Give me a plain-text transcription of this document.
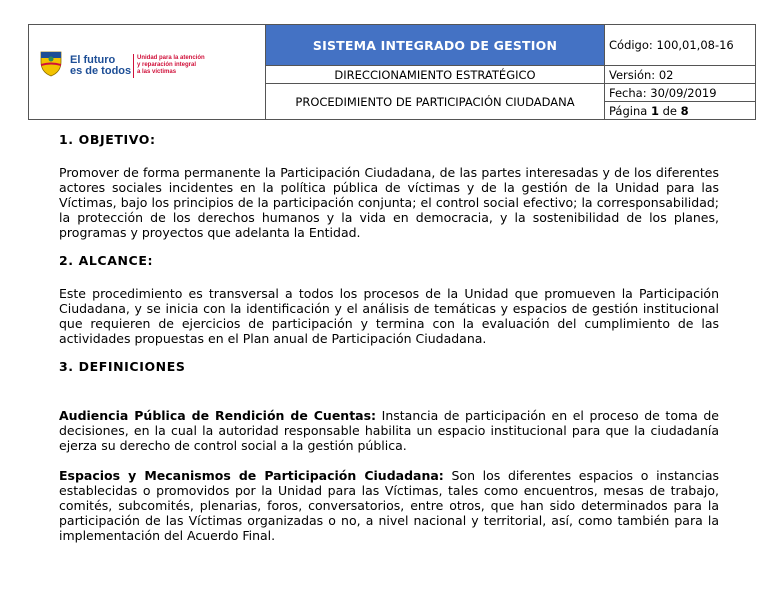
El futuro
es de todos
Unidad para la atención
y reparación integral
a las víctimas	SISTEMA INTEGRADO DE GESTION	Código: 100,01,08-16
	DIRECCIONAMIENTO ESTRATÉGICO	Versión: 02
	PROCEDIMIENTO DE PARTICIPACIÓN CIUDADANA	Fecha: 30/09/2019
		Página 1 de 8
1. OBJETIVO:

Promover de forma permanente la Participación Ciudadana, de las partes interesadas y de los diferentes actores sociales incidentes en la política pública de víctimas y de la gestión de la Unidad para las Víctimas, bajo los principios de la participación conjunta; el control social efectivo; la corresponsabilidad; la protección de los derechos humanos y la vida en democracia, y la sostenibilidad de los planes, programas y proyectos que adelanta la Entidad.

2. ALCANCE:

Este procedimiento es transversal a todos los procesos de la Unidad que promueven la Participación Ciudadana, y se inicia con la identificación y el análisis de temáticas y espacios de gestión institucional que requieren de ejercicios de participación y termina con la evaluación del cumplimiento de las actividades propuestas en el Plan anual de Participación Ciudadana.

3. DEFINICIONES

Audiencia Pública de Rendición de Cuentas: Instancia de participación en el proceso de toma de decisiones, en la cual la autoridad responsable habilita un espacio institucional para que la ciudadanía ejerza su derecho de control social a la gestión pública.

Espacios y Mecanismos de Participación Ciudadana: Son los diferentes espacios o instancias establecidas o promovidos por la Unidad para las Víctimas, tales como encuentros, mesas de trabajo, comités, subcomités, plenarias, foros, conversatorios, entre otros, que han sido determinados para la participación de las Víctimas organizadas o no, a nivel nacional y territorial, así, como también para la implementación del Acuerdo Final.
